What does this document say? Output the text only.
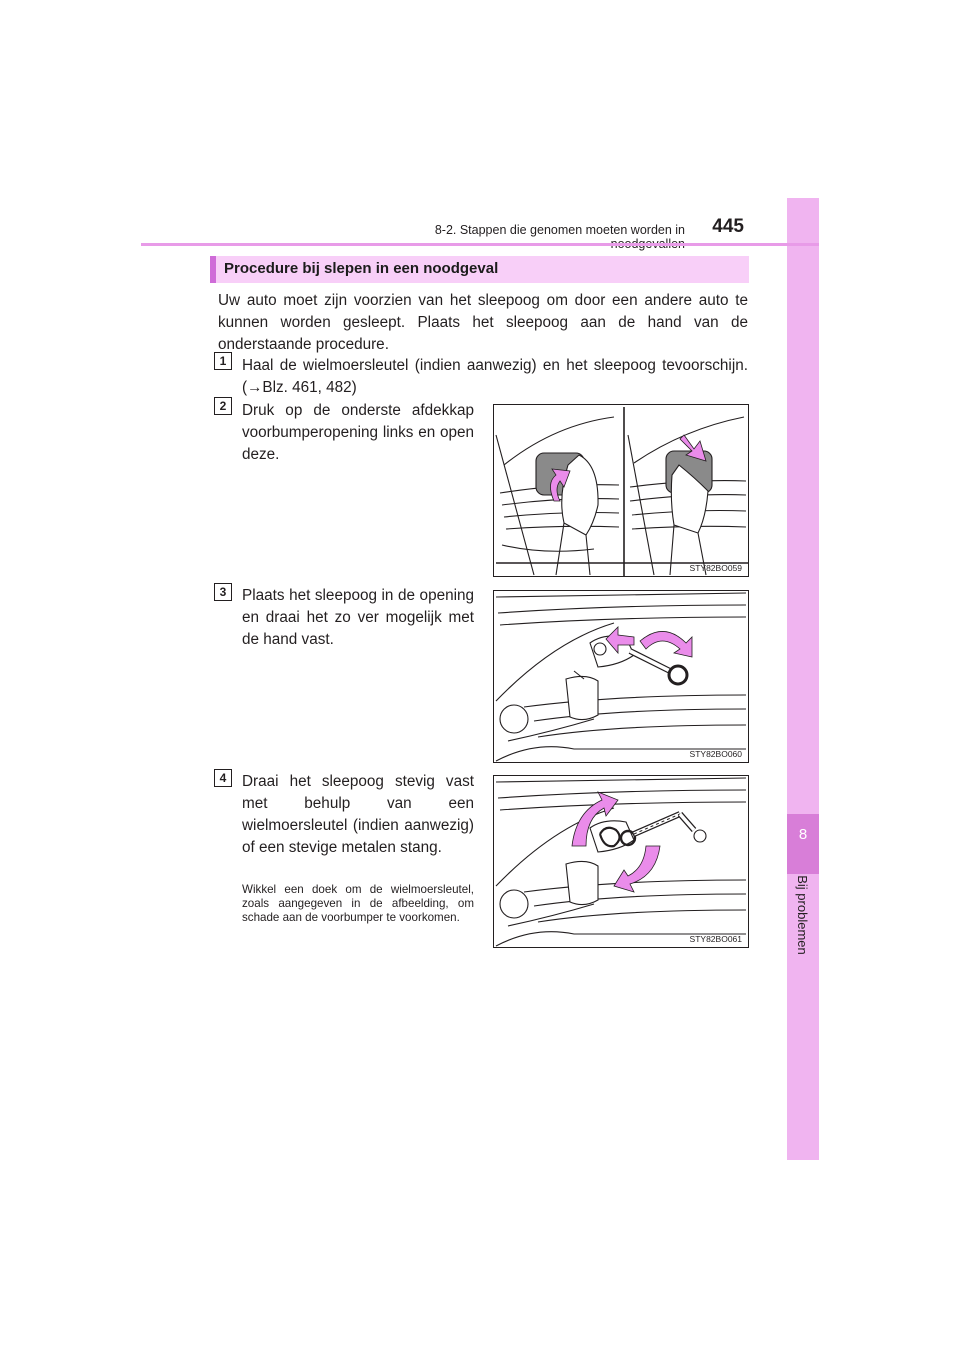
8
Bij problemen
8-2. Stappen die genomen moeten worden in	445
Procedure bij slepen in een noodgeval
Uw auto moet zijn voorzien van het sleepoog om door een andere auto te kunnen worden gesleept. Plaats het sleepoog aan de hand van de onderstaande procedure.
1	Haal de wielmoersleutel (indien aanwezig) en het sleepoog tevoorschijn. (→Blz. 461, 482)
2	Druk op de onderste afdekkap voorbumperopening links en open deze.
STY82BO059
3	Plaats het sleepoog in de opening en draai het zo ver mogelijk met de hand vast.
STY82BO060
4	Draai het sleepoog stevig vast met behulp van een wielmoersleutel (indien aanwezig) of een stevige metalen stang.
Wikkel een doek om de wielmoersleutel, zoals aangegeven in de afbeelding, om schade aan de voorbumper te voorkomen.
STY82BO061
